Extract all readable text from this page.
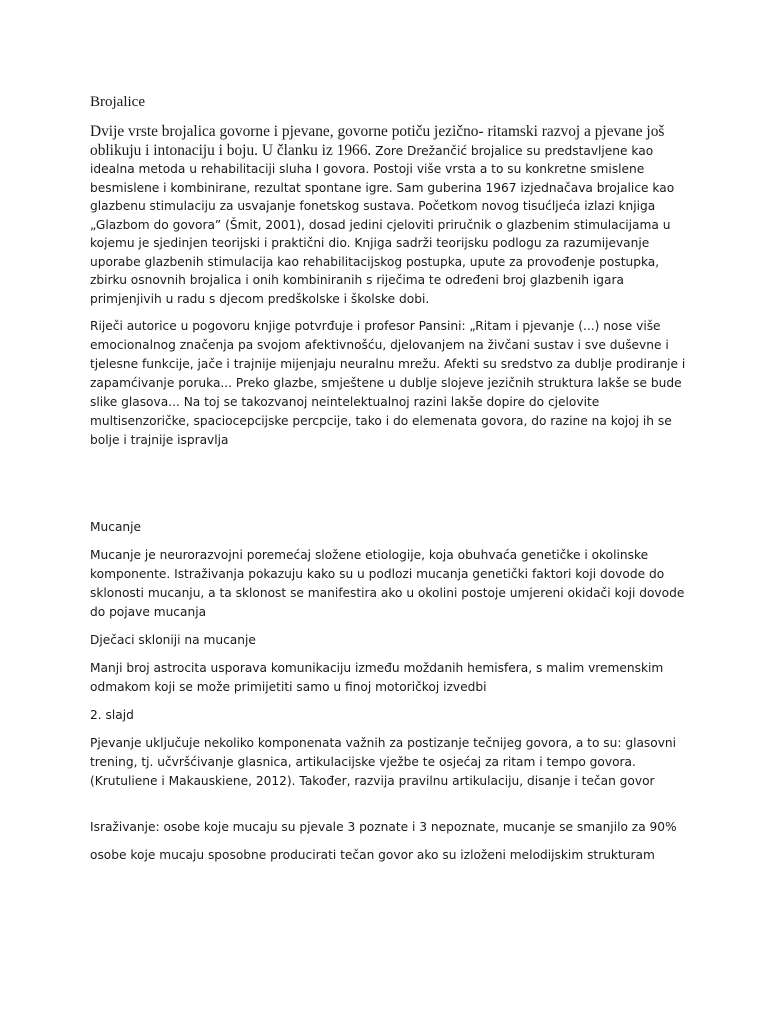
Brojalice

Dvije vrste brojalica govorne i pjevane, govorne potiču jezično- ritamski razvoj a pjevane još oblikuju i intonaciju i boju. U članku iz 1966. Zore Drežančić brojalice su predstavljene kao idealna metoda u rehabilitaciji sluha I govora. Postoji više vrsta a to su konkretne smislene besmislene i kombinirane, rezultat spontane igre. Sam guberina 1967 izjednačava brojalice kao glazbenu stimulaciju za usvajanje fonetskog sustava. Početkom novog tisućljeća izlazi knjiga „Glazbom do govora” (Šmit, 2001), dosad jedini cjeloviti priručnik o glazbenim stimulacijama u kojemu je sjedinjen teorijski i praktični dio. Knjiga sadrži teorijsku podlogu za razumijevanje uporabe glazbenih stimulacija kao rehabilitacijskog postupka, upute za provođenje postupka, zbirku osnovnih brojalica i onih kombiniranih s riječima te određeni broj glazbenih igara primjenjivih u radu s djecom predškolske i školske dobi.

Riječi autorice u pogovoru knjige potvrđuje i profesor Pansini: „Ritam i pjevanje (...) nose više emocionalnog značenja pa svojom afektivnošću, djelovanjem na živčani sustav i sve duševne i tjelesne funkcije, jače i trajnije mijenjaju neuralnu mrežu. Afekti su sredstvo za dublje prodiranje i zapamćivanje poruka... Preko glazbe, smještene u dublje slojeve jezičnih struktura lakše se bude slike glasova... Na toj se takozvanoj neintelektualnoj razini lakše dopire do cjelovite multisenzoričke, spaciocepcijske percpcije, tako i do elemenata govora, do razine na kojoj ih se bolje i trajnije ispravlja

Mucanje

Mucanje je neurorazvojni poremećaj složene etiologije, koja obuhvaća genetičke i okolinske komponente. Istraživanja pokazuju kako su u podlozi mucanja genetički faktori koji dovode do sklonosti mucanju, a ta sklonost se manifestira ako u okolini postoje umjereni okidači koji dovode do pojave mucanja

Dječaci skloniji na mucanje

Manji broj astrocita usporava komunikaciju između moždanih hemisfera, s malim vremenskim odmakom koji se može primijetiti samo u finoj motoričkoj izvedbi

2. slajd

Pjevanje uključuje nekoliko komponenata važnih za postizanje tečnijeg govora, a to su: glasovni trening, tj. učvršćivanje glasnica, artikulacijske vježbe te osjećaj za ritam i tempo govora. (Krutuliene i Makauskiene, 2012). Također, razvija pravilnu artikulaciju, disanje i tečan govor

Israživanje: osobe koje mucaju su pjevale 3 poznate i 3 nepoznate, mucanje se smanjilo za 90%

osobe koje mucaju sposobne producirati tečan govor ako su izloženi melodijskim strukturam
